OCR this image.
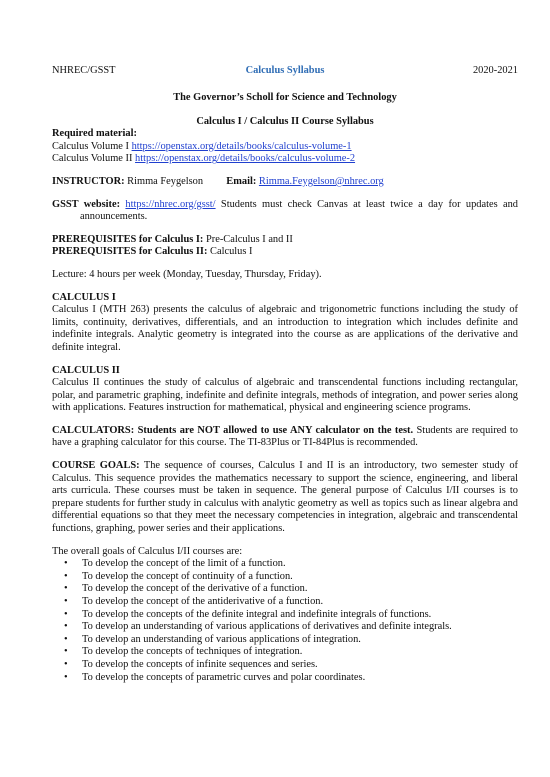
NHREC/GSST	Calculus Syllabus	2020-2021

The Governor’s Scholl for Science and Technology

Calculus I / Calculus II Course Syllabus

Required material:

Calculus Volume I https://openstax.org/details/books/calculus-volume-1

Calculus Volume II https://openstax.org/details/books/calculus-volume-2

INSTRUCTOR: Rimma Feygelson Email: Rimma.Feygelson@nhrec.org

GSST website: https://nhrec.org/gsst/ Students must check Canvas at least twice a day for updates and announcements.

PREREQUISITES for Calculus I: Pre-Calculus I and II

PREREQUISITES for Calculus II: Calculus I

Lecture: 4 hours per week (Monday, Tuesday, Thursday, Friday).

CALCULUS I

Calculus I (MTH 263) presents the calculus of algebraic and trigonometric functions including the study of limits, continuity, derivatives, differentials, and an introduction to integration which includes definite and indefinite integrals. Analytic geometry is integrated into the course as are applications of the derivative and definite integral.

CALCULUS II

Calculus II continues the study of calculus of algebraic and transcendental functions including rectangular, polar, and parametric graphing, indefinite and definite integrals, methods of integration, and power series along with applications. Features instruction for mathematical, physical and engineering science programs.

CALCULATORS: Students are NOT allowed to use ANY calculator on the test. Students are required to have a graphing calculator for this course. The TI-83Plus or TI-84Plus is recommended.

COURSE GOALS: The sequence of courses, Calculus I and II is an introductory, two semester study of Calculus. This sequence provides the mathematics necessary to support the science, engineering, and liberal arts curricula. These courses must be taken in sequence. The general purpose of Calculus I/II courses is to prepare students for further study in calculus with analytic geometry as well as topics such as linear algebra and differential equations so that they meet the necessary competencies in integration, algebraic and transcendental functions, graphing, power series and their applications.

The overall goals of Calculus I/II courses are:

• To develop the concept of the limit of a function.
• To develop the concept of continuity of a function.
• To develop the concept of the derivative of a function.
• To develop the concept of the antiderivative of a function.
• To develop the concepts of the definite integral and indefinite integrals of functions.
• To develop an understanding of various applications of derivatives and definite integrals.
• To develop an understanding of various applications of integration.
• To develop the concepts of techniques of integration.
• To develop the concepts of infinite sequences and series.
• To develop the concepts of parametric curves and polar coordinates.
